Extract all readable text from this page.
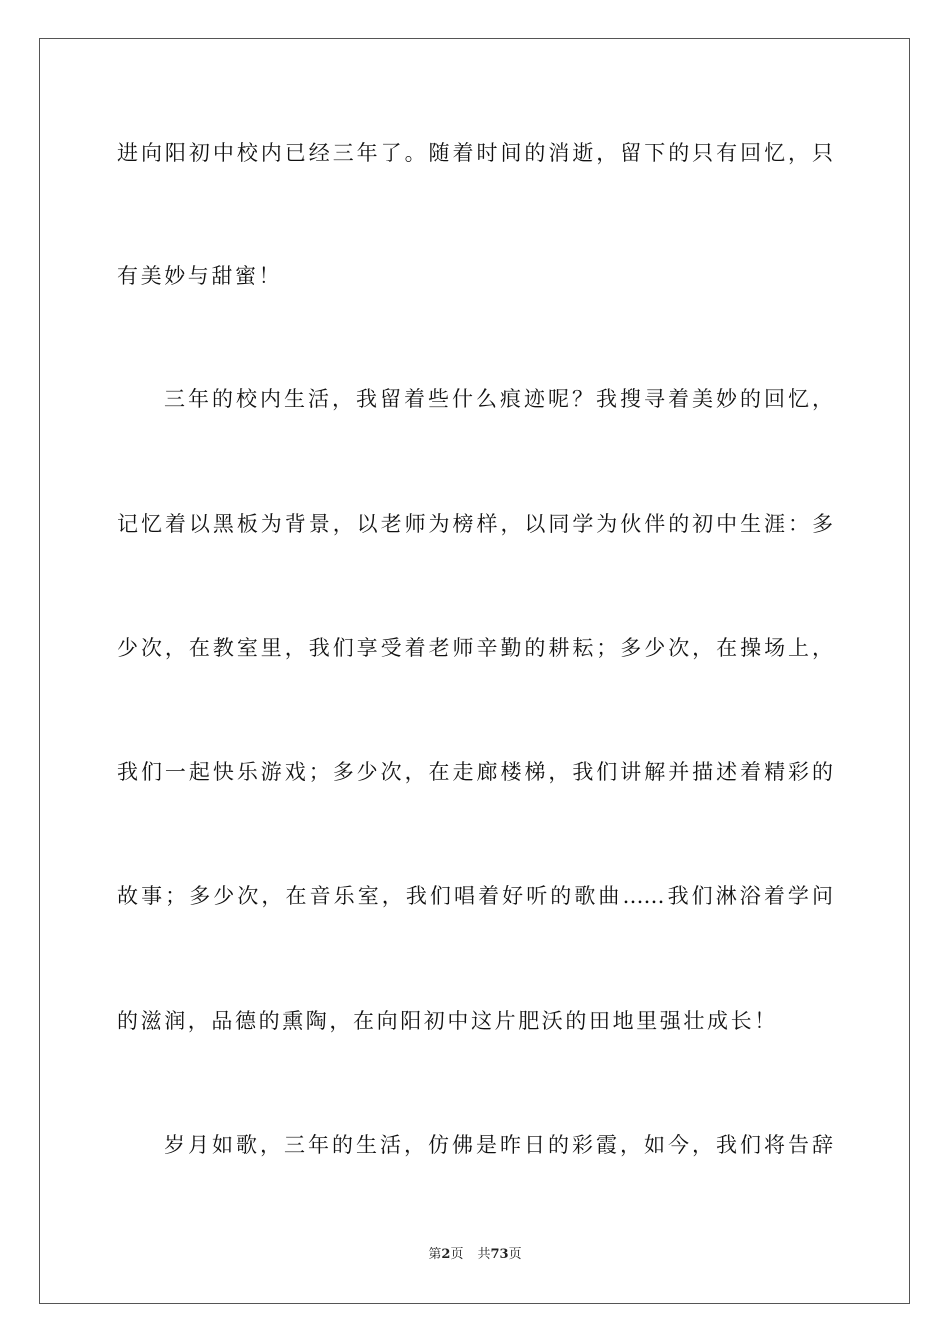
进向阳初中校内已经三年了。随着时间的消逝，留下的只有回忆，只
有美妙与甜蜜！
三年的校内生活，我留着些什么痕迹呢？我搜寻着美妙的回忆，
记忆着以黑板为背景，以老师为榜样，以同学为伙伴的初中生涯：多
少次，在教室里，我们享受着老师辛勤的耕耘；多少次，在操场上，
我们一起快乐游戏；多少次，在走廊楼梯，我们讲解并描述着精彩的
故事；多少次，在音乐室，我们唱着好听的歌曲……我们淋浴着学问
的滋润，品德的熏陶，在向阳初中这片肥沃的田地里强壮成长！
岁月如歌，三年的生活，仿佛是昨日的彩霞，如今，我们将告辞
第2页 共73页
